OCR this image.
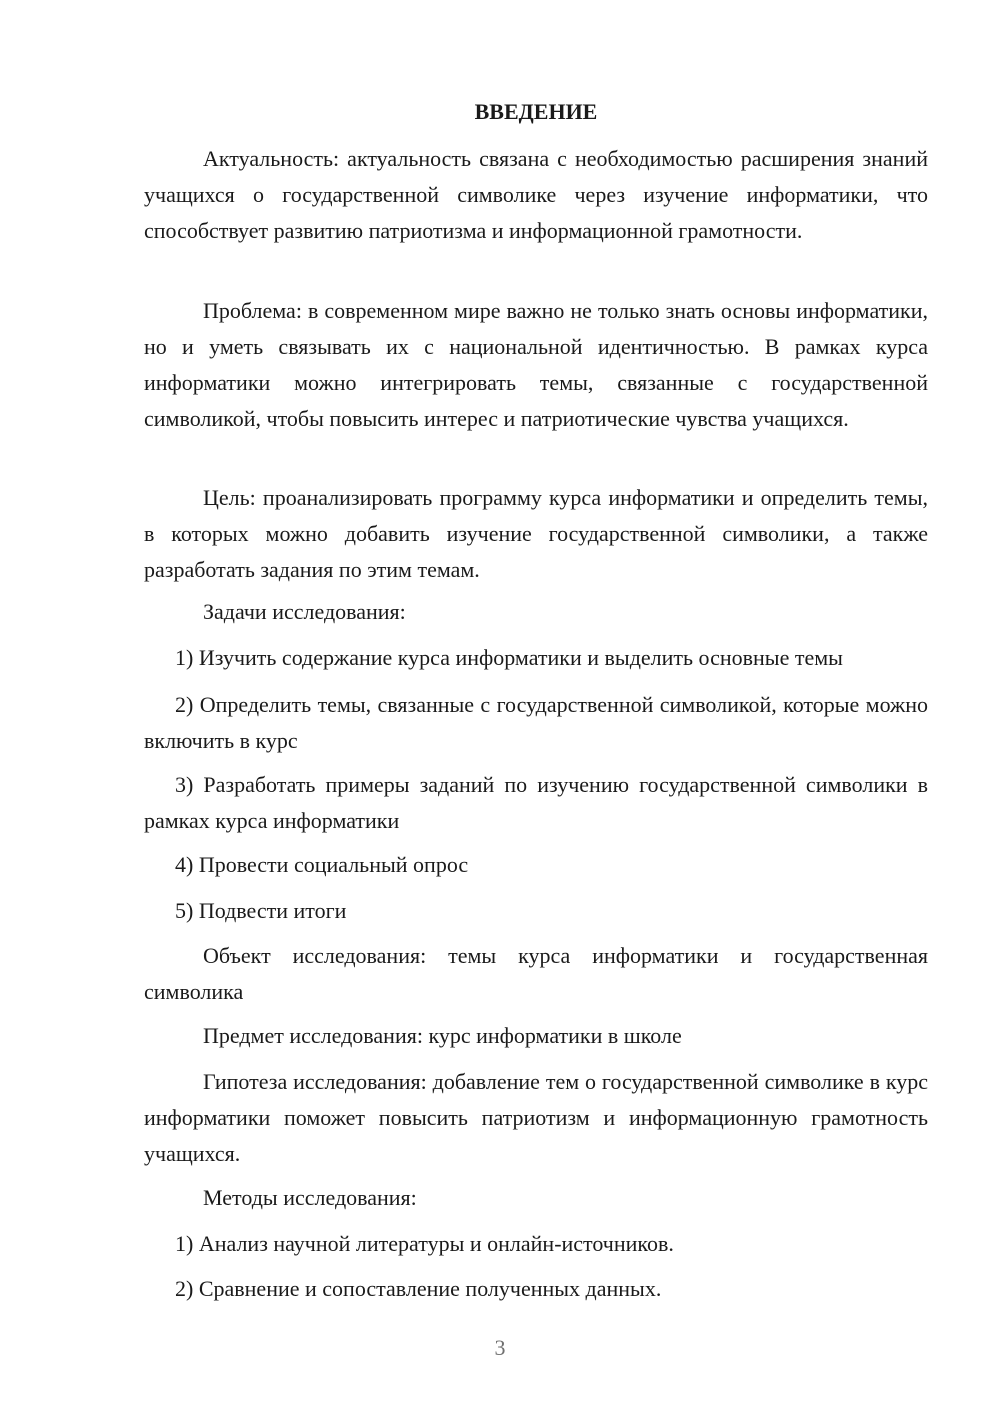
ВВЕДЕНИЕ
Актуальность: актуальность связана с необходимостью расширения знаний учащихся о государственной символике через изучение информатики, что способствует развитию патриотизма и информационной грамотности.
Проблема: в современном мире важно не только знать основы информатики, но и уметь связывать их с национальной идентичностью. В рамках курса информатики можно интегрировать темы, связанные с государственной символикой, чтобы повысить интерес и патриотические чувства учащихся.
Цель: проанализировать программу курса информатики и определить темы, в которых можно добавить изучение государственной символики, а также разработать задания по этим темам.
Задачи исследования:
1) Изучить содержание курса информатики и выделить основные темы
2) Определить темы, связанные с государственной символикой, которые можно включить в курс
3) Разработать примеры заданий по изучению государственной символики в рамках курса информатики
4) Провести социальный опрос
5) Подвести итоги
Объект исследования: темы курса информатики и государственная символика
Предмет исследования: курс информатики в школе
Гипотеза исследования: добавление тем о государственной символике в курс информатики поможет повысить патриотизм и информационную грамотность учащихся.
Методы исследования:
1) Анализ научной литературы и онлайн-источников.
2) Сравнение и сопоставление полученных данных.
3
